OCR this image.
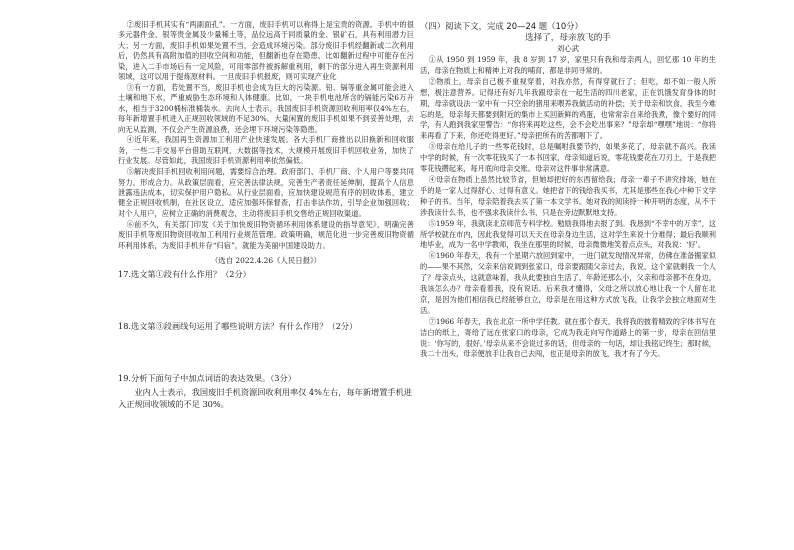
②废旧手机其实有“两副面孔”。一方面，废旧手机可以称得上是宝贵的资源。手机中的很多元器件金、银等贵金属及少量稀土等，品位远高于同质量的金、银矿石，具有利用潜力巨大；另一方面，废旧手机如果处置不当，会造成环境污染。部分废旧手机经翻新或二次利用后，仍然具有高附加值的回收空间和功能，但翻新也存在隐患，比如翻新过程中可能存在污染，进入二手市场后有一定风险，可用零部件被拆解重利用，剩下的部分进入再生资源利用领域，这可以用于提炼原材料。一旦废旧手机报废，则可实现产业化

③有一方面，若处置不当，废旧手机也会成为巨大的污染源。铅、镉等重金属可能会进入土壤和地下水，严重威胁生态环境和人体健康。比如，一块手机电池所含的镉能污染6万升水，相当于3200桶标准桶装水。去向人士表示，我国废旧手机资源回收利用率仅4%左右，每年新增置手机进入正规回收领域的不足30%。大量闲置的废旧手机如果不到妥善处理，去向无从监测，不仅会产生资源浪费，还会埋下环境污染等隐患。

④近年来，我国再生资源加工利用产业快速发展。各大手机厂商推出以旧换新和回收服务，一些二手交易平台借助互联网、大数据等技术，大规模开展废旧手机回收业务，加快了行业发展。尽管如此，我国废旧手机资源利用率依然偏低。

⑤解决废旧手机回收利用问题，需要综合治理。政府部门、手机厂商、个人用户等要共同努力，形成合力。从政策层面看，应完善法律法规，完善生产者责任延伸制，提高个人信息泄露违法成本，切实保护用户隐私。从行业层面看，应加快建设规范有序的回收体系，建立健全正规回收机制，在社区设立，适应加强环保督查，打击非法作坊，引导企业加强回收；对个人用户，应树立正确的消费观念，主动将废旧手机交售给正规回收渠道。

⑥前不久，有关部门印发《关于加快废旧物资循环利用体系建设的指导意见》，明确完善废旧手机等废旧物资回收加工利用行业规范管理。政策明确，规范化进一步完善废旧物资循环利用体系，为废旧手机并存“归宿”，就能为美丽中国建设助力。

（选自 2022.4.26《人民日报》）

17.选文第①段有什么作用？（2分）

18.选文第③段画线句运用了哪些说明方法？有什么作用？（2分）

19.分析下面句子中加点词语的表达效果。（3分）

业内人士表示，我国废旧手机资源回收利用率仅 4%左右，每年新增置手机进入正规回收领域的不足 30%。

（四）阅读下文，完成 20—24 题（10分）

选择了，母亲放飞的手

刘心武

①从 1950 到 1959 年，我 8 岁到 17 岁，家里只有我和母亲两人，回忆那 10 年的生活，母亲在物质上和精神上对我的哺育，都是非同寻常的。

②物质上，母亲自己极不重视穿着，对我亦然，有得穿就行了；但吃，却不如一般人所想，极注意营养。记得还有好几年我跟母亲在一起生活的四川老家，正在饥饿发育身体的时期，母亲就设法一家中有一只空余的猪用来喂养我做活动的补偿；关于母亲和饮食，我至今难忘的是，母亲每天都要到附近的集市上买回新鲜的鸡蛋，也常常亲自来给我煮，像个要好的同学，有人跑到我家里警告：“你将来再吃这些，会不会吃出事来？”母亲却“嘿嘿”地说：“你将来再看了下来，你还吃得更好。”母亲把所有的苦都咽下了。

③母亲在给儿子的一些零花钱时，总是嘱咐我要节约，如果多花了，母亲就不高兴。我读中学的时候，有一次零花钱买了一本书回家，母亲知道后说，零花钱要花在刀刃上，于是我把零花钱攒起来，每月底向母亲交账。母亲对这件事非常满意。

④母亲在物质上虽然比较节省，但她却把好的东西留给我；母亲一辈子不讲究排场，她在乎的是一家人过得舒心、过得有意义。她把省下的钱给我买书，尤其是那些在我心中种下文学种子的书。当年，母亲陪着我去买了第一本文学书。她对我的阅读持一种开明的态度，从不干涉我读什么书，也不强求我读什么书，只是在旁边默默地支持。

⑤1959 年，我就读北京师范专科学校。勉励我得地去报了到。我恳到“不幸中的万幸”，这所学校就在市内，因此我觉得可以天天在母亲身边生活，这对学生来说十分难得；最后我顺利地毕业，成为一名中学教师，我坐在那里的时候，母亲微微地笑着点点头，对我说：‘好’。

⑥1960 年春天，我有一个星期六放回到家中，一进门就发现情况异常，仿佛在准备搬家似的——果不其然，父亲来信说调到张家口，母亲要跟随父亲过去，我说，这个家就剩我一个人了？母亲点头，这就意味着，我从此要独自生活了，年龄还那么小，父亲和母亲都不在身边，我该怎么办？母亲看着我，没有说话。后来我才懂得，父母之所以放心地让我一个人留在北京，是因为他们相信我已经能够自立，母亲是在用这种方式放飞我，让我学会独立地面对生活。

⑦1966 年春天，我在北京一所中学任教。就在那个春天，我将我的披着精致的字体书写在洁白的纸上，寄给了远在张家口的母亲，它成为我走向写作道路上的第一步，母亲在回信里说：‘你写的，很好。’母亲从来不会说过多的话，但母亲的一句话，却让我铭记终生；那时候，我二十出头，母亲便放手让我自己去闯，也正是母亲的放飞，我才有了今天。
